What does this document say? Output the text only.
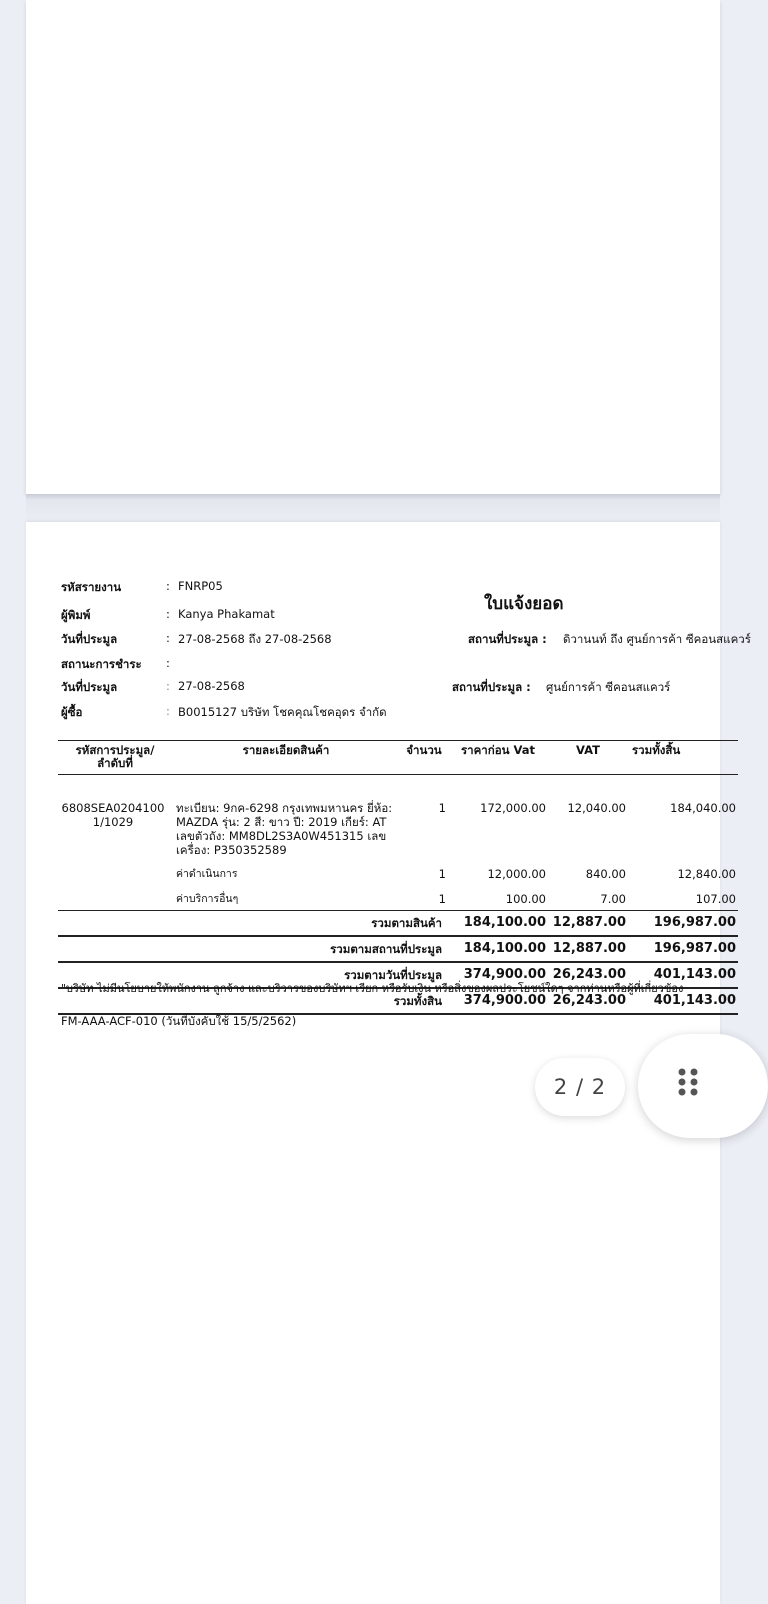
รหัสรายงาน	: FNRP05
ใบแจ้งยอด
ผู้พิมพ์	: Kanya Phakamat
วันที่ประมูล	: 27-08-2568 ถึง 27-08-2568	สถานที่ประมูล : ดิวานนท์ ถึง ศูนย์การค้า ซีคอนสแควร์
สถานะการชำระ :
วันที่ประมูล	: 27-08-2568	สถานที่ประมูล : ศูนย์การค้า ซีคอนสแควร์
ผู้ซื้อ	: B0015127 บริษัท โชคคุณโชคอุดร จำกัด
รหัสการประมูล/ ลำดับที่	รายละเอียดสินค้า	จำนวน	ราคาก่อน Vat	VAT	รวมทั้งสิ้น
6808SEA0204100 1/1029	ทะเบียน: 9กค-6298 กรุงเทพมหานคร ยี่ห้อ: MAZDA รุ่น: 2 สี: ขาว ปี: 2019 เกียร์: AT เลขตัวถัง: MM8DL2S3A0W451315 เลขเครื่อง: P350352589	1	172,000.00	12,040.00	184,040.00
	ค่าดำเนินการ	1	12,000.00	840.00	12,840.00
	ค่าบริการอื่นๆ	1	100.00	7.00	107.00
รวมตามสินค้า			184,100.00	12,887.00	196,987.00
รวมตามสถานที่ประมูล			184,100.00	12,887.00	196,987.00
รวมตามวันที่ประมูล			374,900.00	26,243.00	401,143.00
รวมทั้งสิน			374,900.00	26,243.00	401,143.00
"บริษัท ไม่มีนโยบายให้พนักงาน ลูกจ้าง และบริวารของบริษัทฯ เรียก หรือรับเงิน หรือสิ่งของผลประโยชน์ใดๆ จากท่านหรือผู้ที่เกี่ยวข้อง
FM-AAA-ACF-010 (วันที่บังคับใช้ 15/5/2562)
2 / 2
